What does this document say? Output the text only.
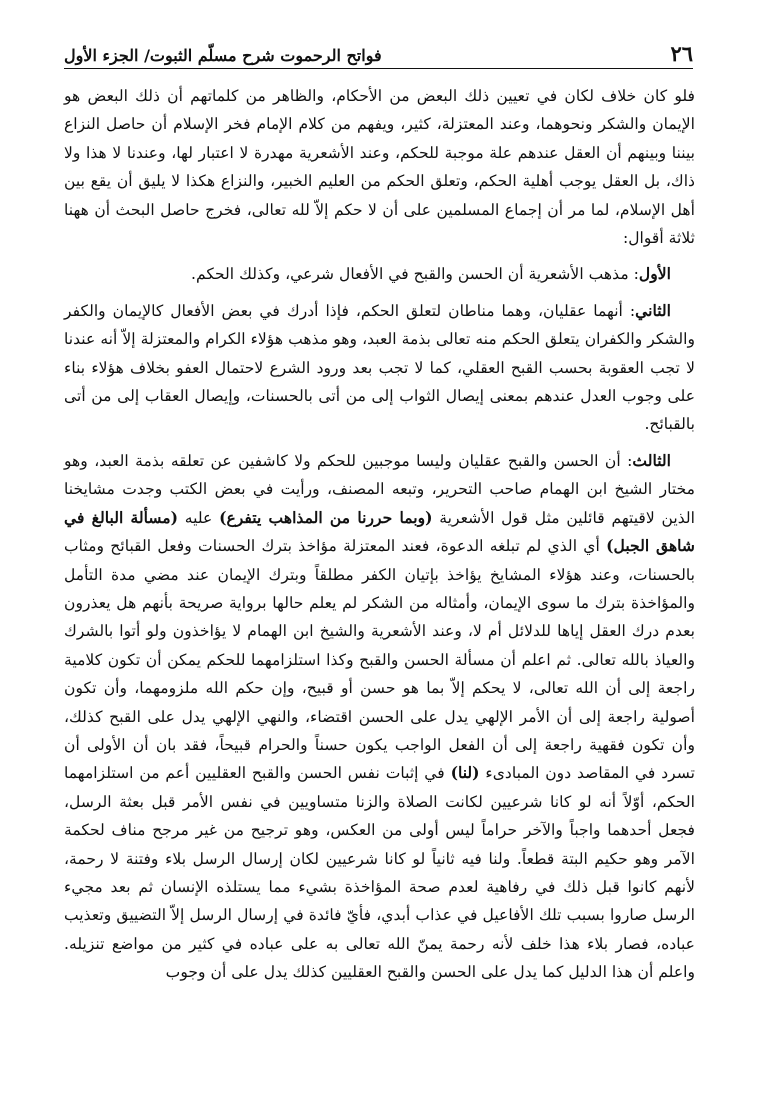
٢٦
فواتح الرحموت شرح مسلّم الثبوت/ الجزء الأول

فلو كان خلاف لكان في تعيين ذلك البعض من الأحكام، والظاهر من كلماتهم أن ذلك البعض هو الإيمان والشكر ونحوهما، وعند المعتزلة، كثير، ويفهم من كلام الإمام فخر الإسلام أن حاصل النزاع بيننا وبينهم أن العقل عندهم علة موجبة للحكم، وعند الأشعرية مهدرة لا اعتبار لها، وعندنا لا هذا ولا ذاك، بل العقل يوجب أهلية الحكم، وتعلق الحكم من العليم الخبير، والنزاع هكذا لا يليق أن يقع بين أهل الإسلام، لما مر أن إجماع المسلمين على أن لا حكم إلاّ لله تعالى، فخرج حاصل البحث أن ههنا ثلاثة أقوال:

الأول: مذهب الأشعرية أن الحسن والقبح في الأفعال شرعي، وكذلك الحكم.

الثاني: أنهما عقليان، وهما مناطان لتعلق الحكم، فإذا أدرك في بعض الأفعال كالإيمان والكفر والشكر والكفران يتعلق الحكم منه تعالى بذمة العبد، وهو مذهب هؤلاء الكرام والمعتزلة إلاّ أنه عندنا لا تجب العقوبة بحسب القبح العقلي، كما لا تجب بعد ورود الشرع لاحتمال العفو بخلاف هؤلاء بناء على وجوب العدل عندهم بمعنى إيصال الثواب إلى من أتى بالحسنات، وإيصال العقاب إلى من أتى بالقبائح.

الثالث: أن الحسن والقبح عقليان وليسا موجبين للحكم ولا كاشفين عن تعلقه بذمة العبد، وهو مختار الشيخ ابن الهمام صاحب التحرير، وتبعه المصنف، ورأيت في بعض الكتب وجدت مشايخنا الذين لاقيتهم قائلين مثل قول الأشعرية (وبما حررنا من المذاهب يتفرع) عليه (مسألة البالغ في شاهق الجبل) أي الذي لم تبلغه الدعوة، فعند المعتزلة مؤاخذ بترك الحسنات وفعل القبائح ومثاب بالحسنات، وعند هؤلاء المشايخ يؤاخذ بإتيان الكفر مطلقاً وبترك الإيمان عند مضي مدة التأمل والمؤاخذة بترك ما سوى الإيمان، وأمثاله من الشكر لم يعلم حالها برواية صريحة بأنهم هل يعذرون بعدم درك العقل إياها للدلائل أم لا، وعند الأشعرية والشيخ ابن الهمام لا يؤاخذون ولو أتوا بالشرك والعياذ بالله تعالى. ثم اعلم أن مسألة الحسن والقبح وكذا استلزامهما للحكم يمكن أن تكون كلامية راجعة إلى أن الله تعالى، لا يحكم إلاّ بما هو حسن أو قبيح، وإن حكم الله ملزومهما، وأن تكون أصولية راجعة إلى أن الأمر الإلهي يدل على الحسن اقتضاء، والنهي الإلهي يدل على القبح كذلك، وأن تكون فقهية راجعة إلى أن الفعل الواجب يكون حسناً والحرام قبيحاً، فقد بان أن الأولى أن تسرد في المقاصد دون المبادىء (لنا) في إثبات نفس الحسن والقبح العقليين أعم من استلزامهما الحكم، أوّلاً أنه لو كانا شرعيين لكانت الصلاة والزنا متساويين في نفس الأمر قبل بعثة الرسل، فجعل أحدهما واجباً والآخر حراماً ليس أولى من العكس، وهو ترجيح من غير مرجح مناف لحكمة الآمر وهو حكيم البتة قطعاً. ولنا فيه ثانياً لو كانا شرعيين لكان إرسال الرسل بلاء وفتنة لا رحمة، لأنهم كانوا قبل ذلك في رفاهية لعدم صحة المؤاخذة بشيء مما يستلذه الإنسان ثم بعد مجيء الرسل صاروا بسبب تلك الأفاعيل في عذاب أبدي، فأيّ فائدة في إرسال الرسل إلاّ التضييق وتعذيب عباده، فصار بلاء هذا خلف لأنه رحمة يمنّ الله تعالى به على عباده في كثير من مواضع تنزيله. واعلم أن هذا الدليل كما يدل على الحسن والقبح العقليين كذلك يدل على أن وجوب
